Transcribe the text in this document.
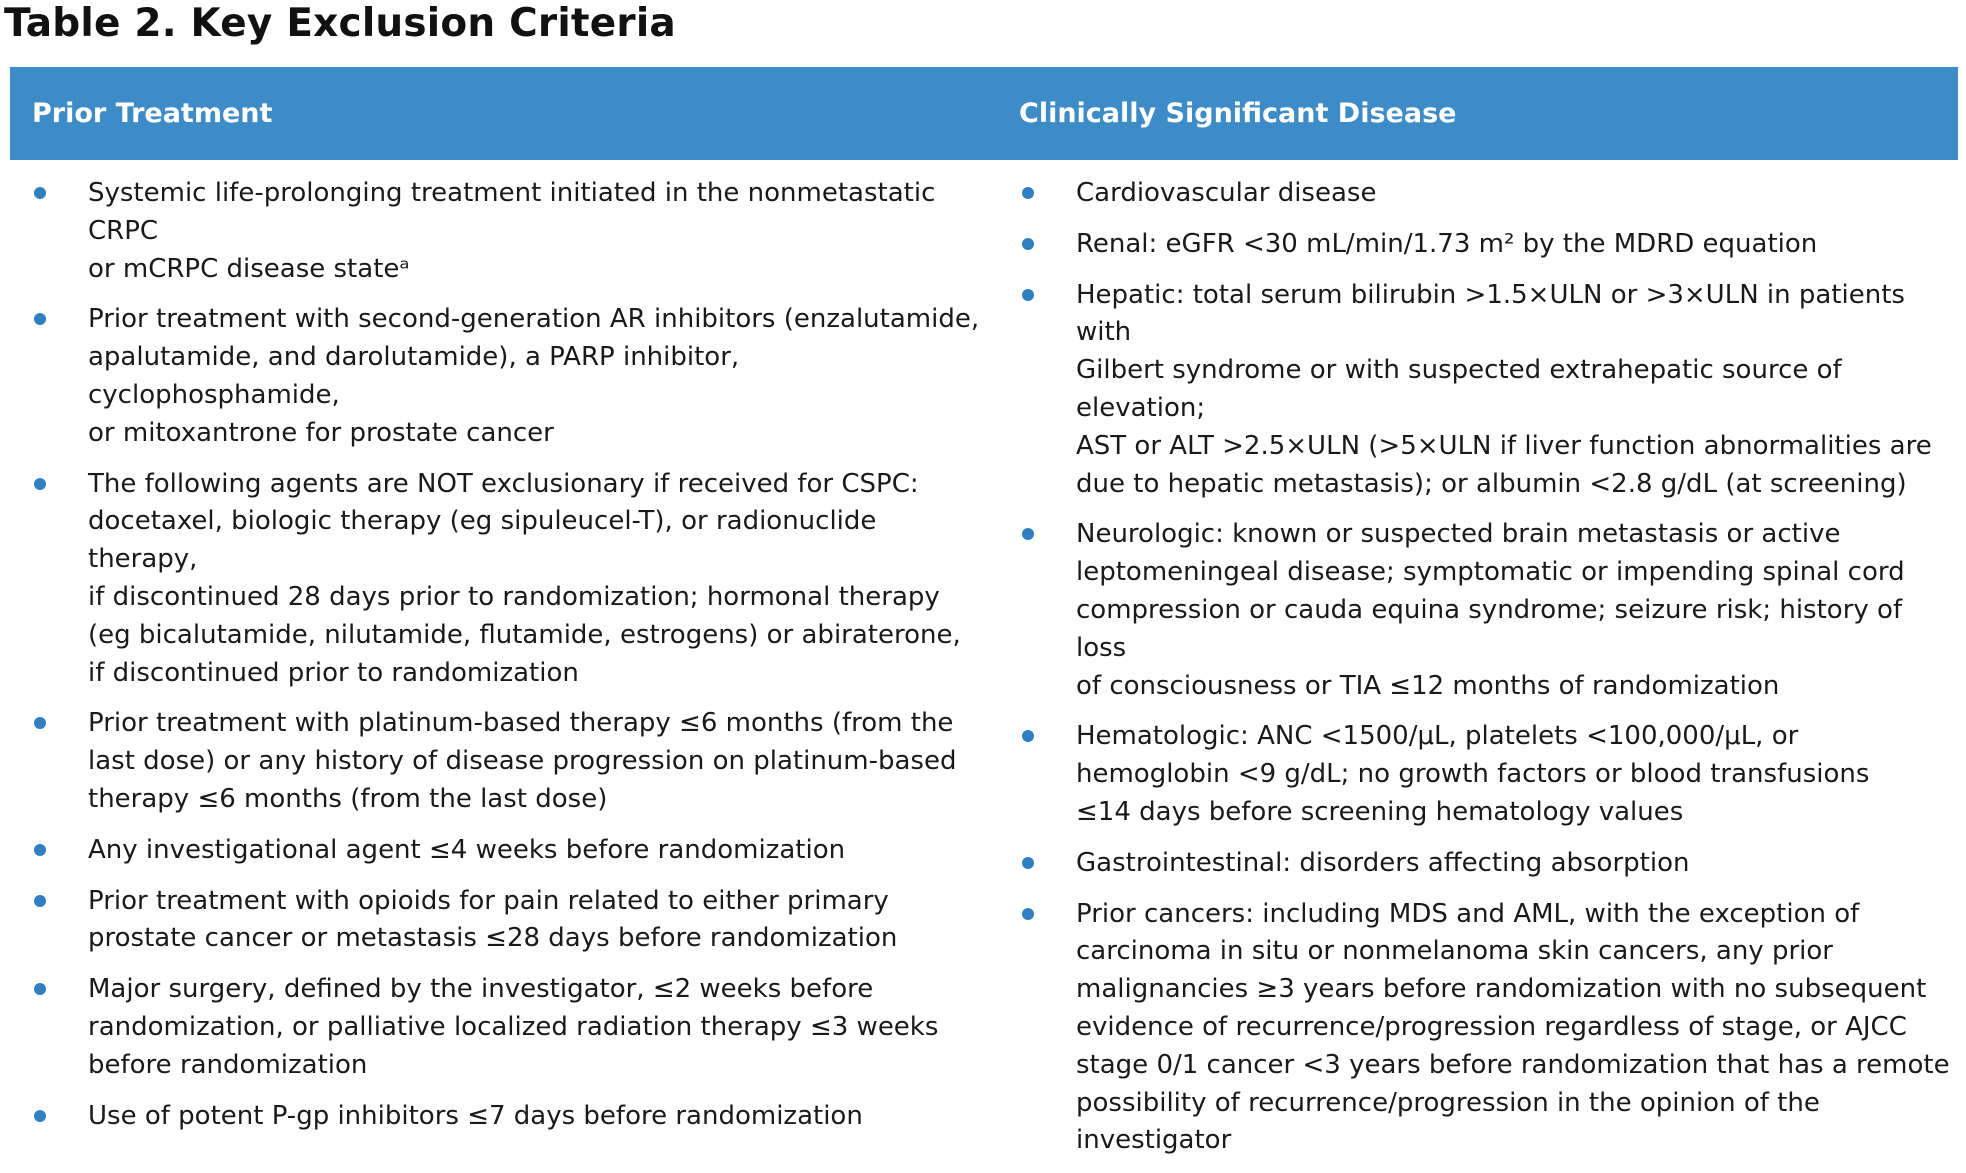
Table 2. Key Exclusion Criteria
Prior Treatment	Clinically Significant Disease
Systemic life-prolonging treatment initiated in the nonmetastatic CRPC
or mCRPC disease stateᵃ
Prior treatment with second-generation AR inhibitors (enzalutamide,
apalutamide, and darolutamide), a PARP inhibitor, cyclophosphamide,
or mitoxantrone for prostate cancer
The following agents are NOT exclusionary if received for CSPC:
docetaxel, biologic therapy (eg sipuleucel-T), or radionuclide therapy,
if discontinued 28 days prior to randomization; hormonal therapy
(eg bicalutamide, nilutamide, flutamide, estrogens) or abiraterone,
if discontinued prior to randomization
Prior treatment with platinum-based therapy ≤6 months (from the
last dose) or any history of disease progression on platinum-based
therapy ≤6 months (from the last dose)
Any investigational agent ≤4 weeks before randomization
Prior treatment with opioids for pain related to either primary
prostate cancer or metastasis ≤28 days before randomization
Major surgery, defined by the investigator, ≤2 weeks before
randomization, or palliative localized radiation therapy ≤3 weeks
before randomization
Use of potent P-gp inhibitors ≤7 days before randomization
Cardiovascular disease
Renal: eGFR <30 mL/min/1.73 m² by the MDRD equation
Hepatic: total serum bilirubin >1.5×ULN or >3×ULN in patients with
Gilbert syndrome or with suspected extrahepatic source of elevation;
AST or ALT >2.5×ULN (>5×ULN if liver function abnormalities are
due to hepatic metastasis); or albumin <2.8 g/dL (at screening)
Neurologic: known or suspected brain metastasis or active
leptomeningeal disease; symptomatic or impending spinal cord
compression or cauda equina syndrome; seizure risk; history of loss
of consciousness or TIA ≤12 months of randomization
Hematologic: ANC <1500/μL, platelets <100,000/μL, or
hemoglobin <9 g/dL; no growth factors or blood transfusions
≤14 days before screening hematology values
Gastrointestinal: disorders affecting absorption
Prior cancers: including MDS and AML, with the exception of
carcinoma in situ or nonmelanoma skin cancers, any prior
malignancies ≥3 years before randomization with no subsequent
evidence of recurrence/progression regardless of stage, or AJCC
stage 0/1 cancer <3 years before randomization that has a remote
possibility of recurrence/progression in the opinion of the investigator
